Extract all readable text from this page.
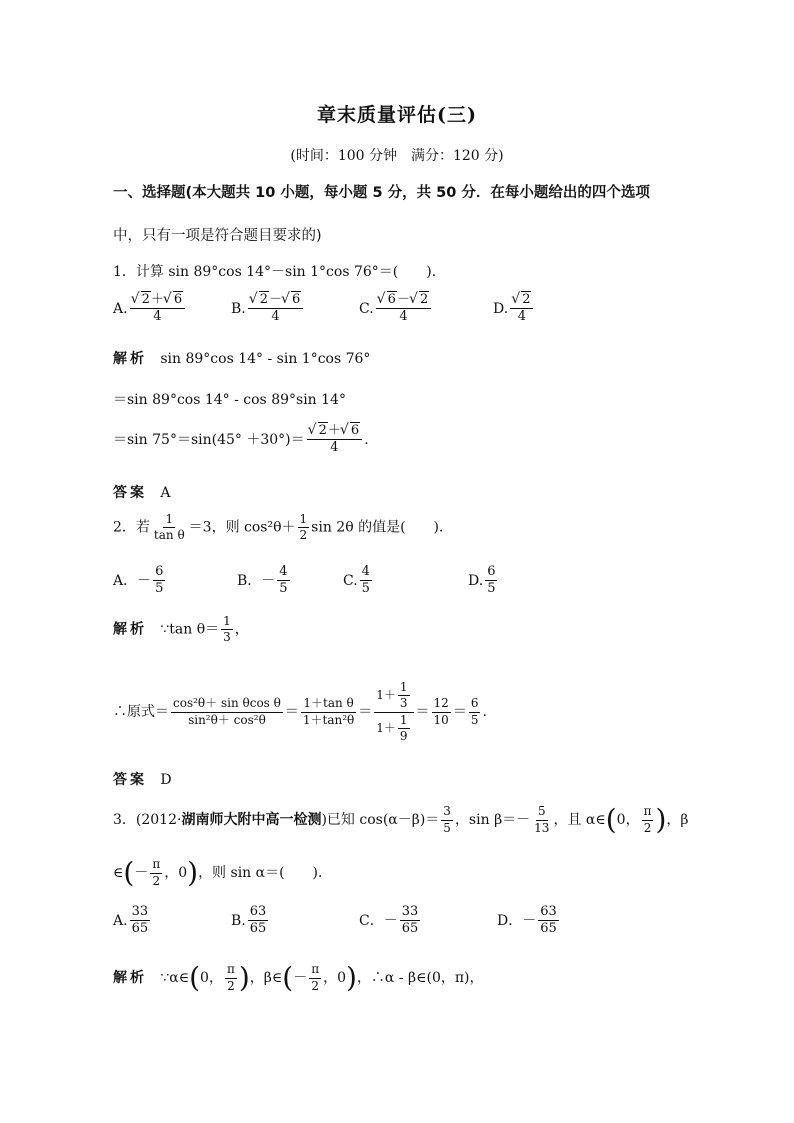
章末质量评估(三)
(时间：100 分钟　满分：120 分)
一、选择题(本大题共 10 小题，每小题 5 分，共 50 分．在每小题给出的四个选项
中，只有一项是符合题目要求的)
1．计算 sin 89°cos 14°－sin 1°cos 76°＝(　　)．
A. √ $\frac{2+ √ 6}{4}$	B. √ $\frac{2- √ 6}{4}$	C. √ $\frac{6- √ 2}{4}$	D. √ $\frac{2}{4}$
解析 sin 89°cos 14° - sin 1°cos 76°
＝sin 89°cos 14° - cos 89°sin 14°
＝sin 75°＝sin(45° ＋30°)＝ √ $\frac{2+ √ 6}{4}$ .
答案 A
2．若 $\frac{1}{\text{tan θ}} =3$，则 $\cos^2\theta+ \frac{1}{2}$ sin 2θ 的值是(　　)．
A．－ $\frac{6}{5}$	B．－ $\frac{4}{5}$	C. $\frac{4}{5}$	D. $\frac{6}{5}$
解析 ∵tan $\theta= \frac{1}{3}$ ，
∴原式＝ $\frac{\text{cos²θ＋ sin θcos θ}}{\text{sin²θ＋ cos²θ}} = \frac{\text{1＋tan θ}}{\text{1＋tan²θ}} = \frac{1+ \frac{1}{3}}{1+ \frac{1}{9}} = \frac{12}{10} = \frac{6}{5}$ .
答案 D
3．(2012· 湖南师大附中高一检测 )已知 $\cos(\alpha-\beta)= \frac{3}{5}$ ，$\sin \beta=- \frac{5}{13}$ ，且 α∈ ( 0， $\frac{\pi}{2}$ ) ，β
∈ ( － $\frac{\pi}{2}$ ，0 ) ，则 sin α＝(　　)．
A. $\frac{33}{65}$	B. $\frac{63}{65}$	C．－ $\frac{33}{65}$	D．－ $\frac{63}{65}$
解析
∵α∈ ( 0， $\frac{\pi}{2}$ ) ，β∈ ( － $\frac{\pi}{2}$ ，0 ) ，∴α - β∈(0，π)，
